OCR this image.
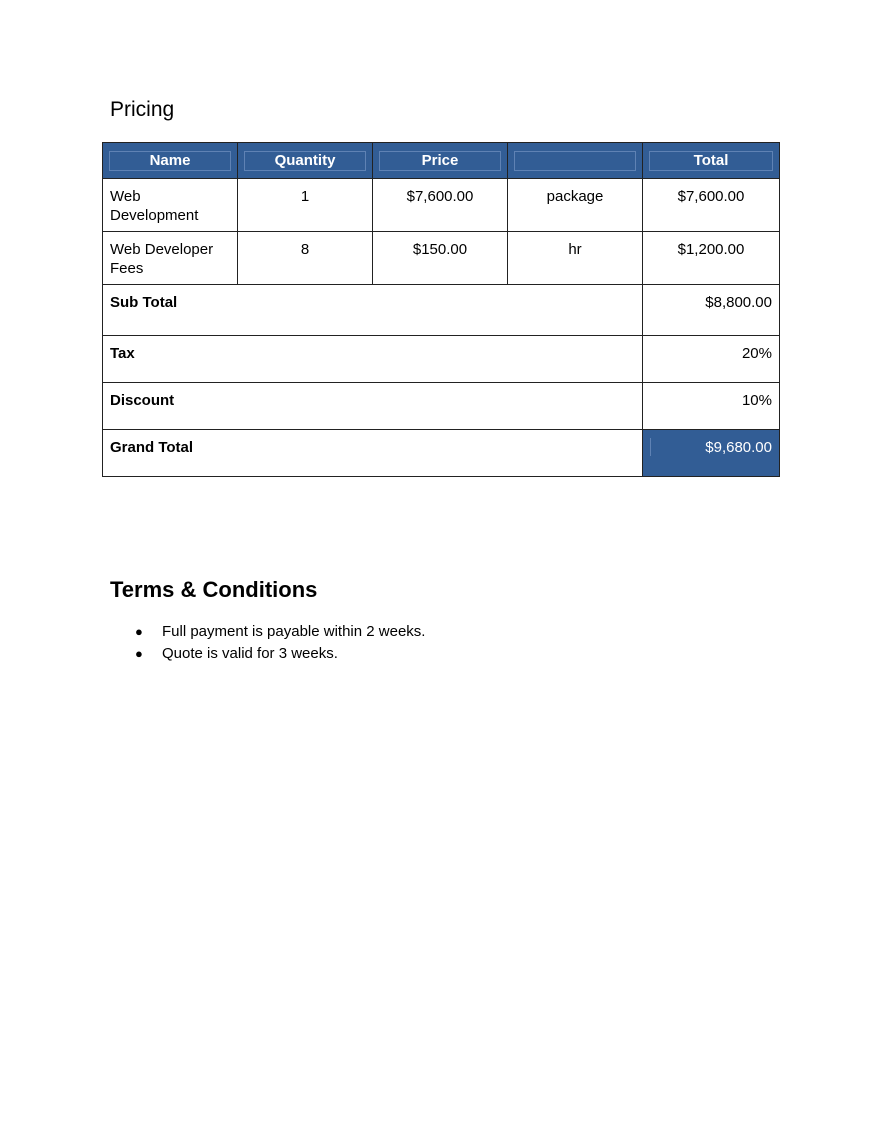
Pricing
Name	Quantity	Price		Total

Web Development	1	$7,600.00	package	$7,600.00

Web Developer Fees	8	$150.00	hr	$1,200.00

Sub Total				$8,800.00

Tax				20%

Discount				10%

Grand Total				$9,680.00
Terms & Conditions
● Full payment is payable within 2 weeks.
● Quote is valid for 3 weeks.
